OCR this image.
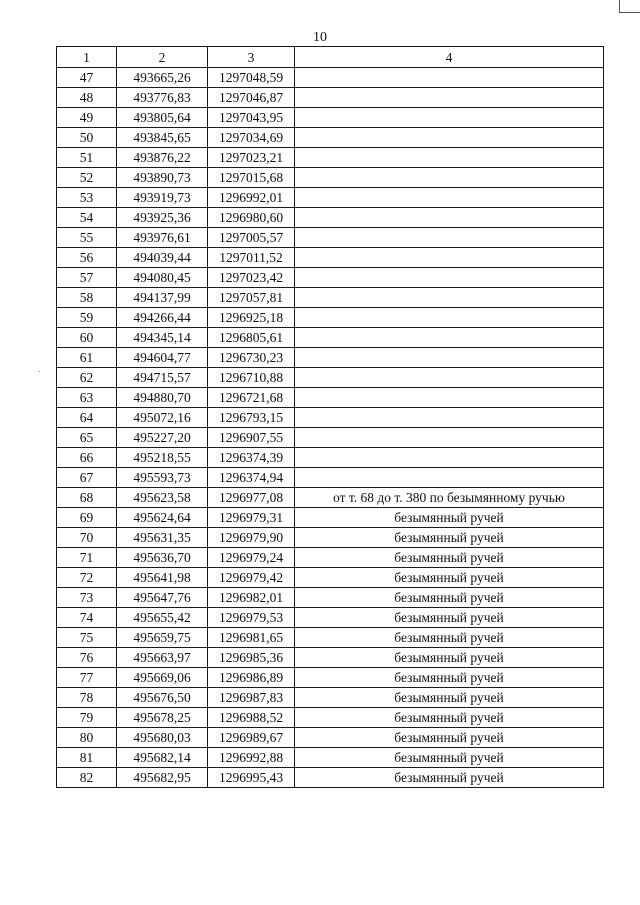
10
1	2	3	4
47	493665,26	1297048,59	
48	493776,83	1297046,87	
49	493805,64	1297043,95	
50	493845,65	1297034,69	
51	493876,22	1297023,21	
52	493890,73	1297015,68	
53	493919,73	1296992,01	
54	493925,36	1296980,60	
55	493976,61	1297005,57	
56	494039,44	1297011,52	
57	494080,45	1297023,42	
58	494137,99	1297057,81	
59	494266,44	1296925,18	
60	494345,14	1296805,61	
61	494604,77	1296730,23	
62	494715,57	1296710,88	
63	494880,70	1296721,68	
64	495072,16	1296793,15	
65	495227,20	1296907,55	
66	495218,55	1296374,39	
67	495593,73	1296374,94	
68	495623,58	1296977,08	от т. 68 до т. 380 по безымянному ручью
69	495624,64	1296979,31	безымянный ручей
70	495631,35	1296979,90	безымянный ручей
71	495636,70	1296979,24	безымянный ручей
72	495641,98	1296979,42	безымянный ручей
73	495647,76	1296982,01	безымянный ручей
74	495655,42	1296979,53	безымянный ручей
75	495659,75	1296981,65	безымянный ручей
76	495663,97	1296985,36	безымянный ручей
77	495669,06	1296986,89	безымянный ручей
78	495676,50	1296987,83	безымянный ручей
79	495678,25	1296988,52	безымянный ручей
80	495680,03	1296989,67	безымянный ручей
81	495682,14	1296992,88	безымянный ручей
82	495682,95	1296995,43	безымянный ручей
